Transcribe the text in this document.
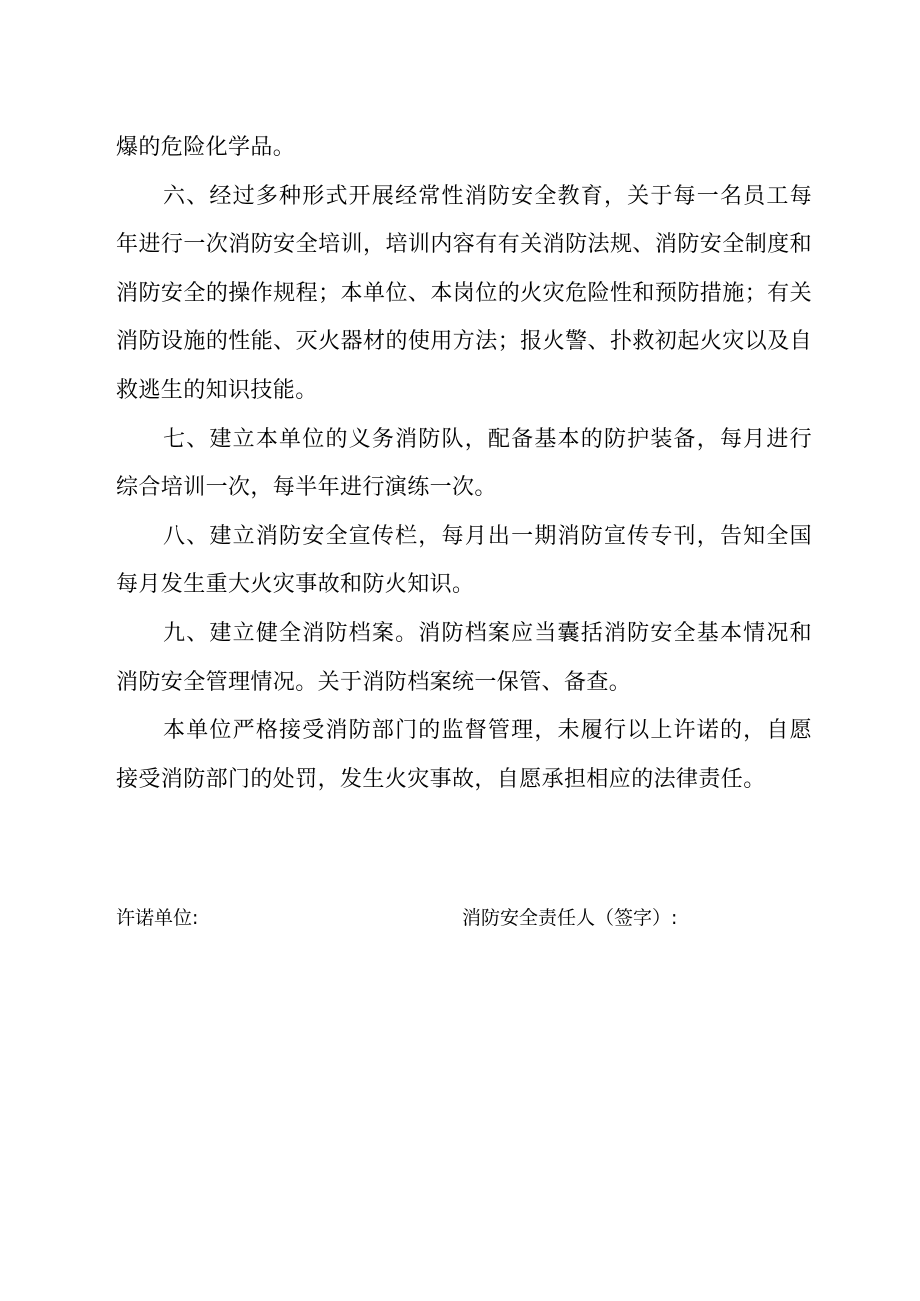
爆的危险化学品。

六、经过多种形式开展经常性消防安全教育，关于每一名员工每年进行一次消防安全培训，培训内容有有关消防法规、消防安全制度和消防安全的操作规程；本单位、本岗位的火灾危险性和预防措施；有关消防设施的性能、灭火器材的使用方法；报火警、扑救初起火灾以及自救逃生的知识技能。

七、建立本单位的义务消防队，配备基本的防护装备，每月进行综合培训一次，每半年进行演练一次。

八、建立消防安全宣传栏，每月出一期消防宣传专刊，告知全国每月发生重大火灾事故和防火知识。

九、建立健全消防档案。消防档案应当囊括消防安全基本情况和消防安全管理情况。关于消防档案统一保管、备查。

本单位严格接受消防部门的监督管理，未履行以上许诺的，自愿接受消防部门的处罚，发生火灾事故，自愿承担相应的法律责任。

许诺单位:	消防安全责任人（签字）:
